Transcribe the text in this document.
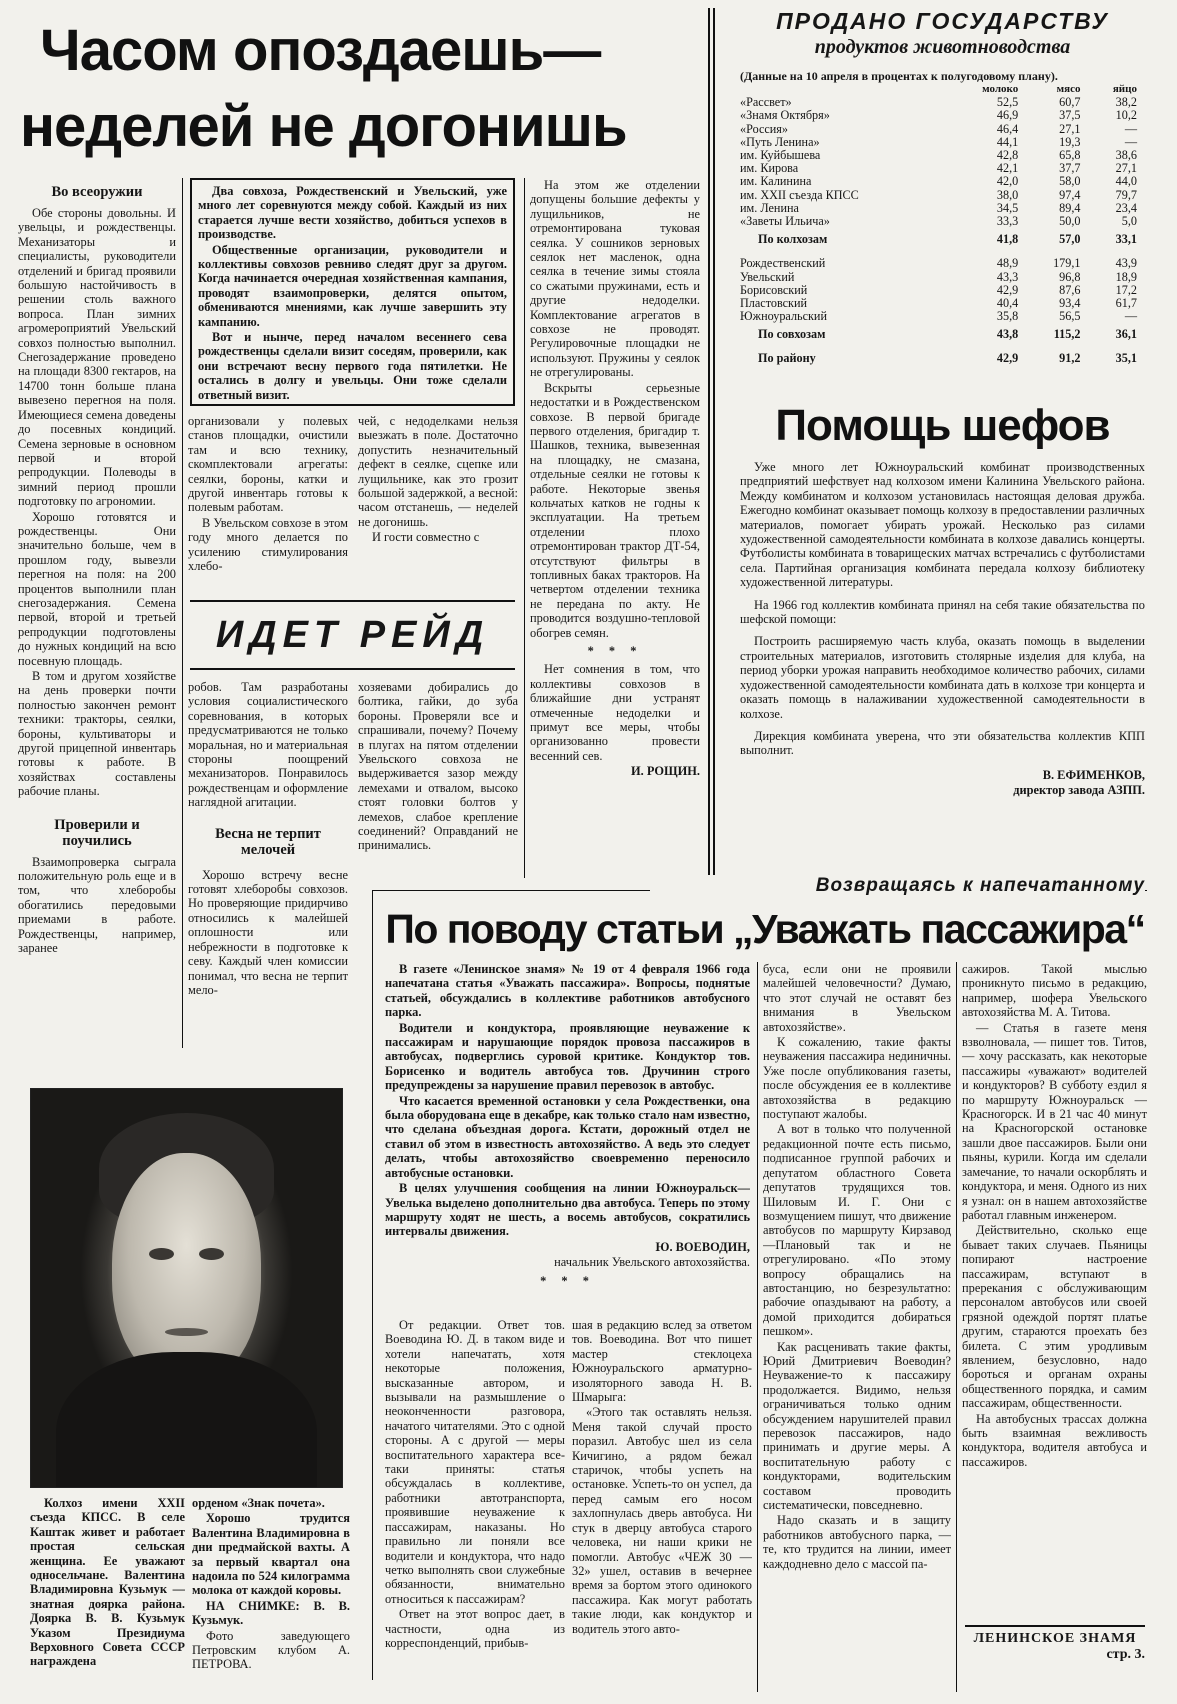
Часом опоздаешь—
неделей не догонишь
Во всеоружии

Обе стороны довольны. И увельцы, и рождественцы. Механизаторы и специалисты, руководители отделений и бригад проявили большую настойчивость в решении столь важного вопроса. План зимних агромероприятий Увельский совхоз полностью выполнил. Снегозадержание проведено на площади 8300 гектаров, на 14700 тонн больше плана вывезено перегноя на поля. Имеющиеся семена доведены до посевных кондиций. Семена зерновые в основном первой и второй репродукции. Полеводы в зимний период прошли подготовку по агрономии.

Хорошо готовятся и рождественцы. Они значительно больше, чем в прошлом году, вывезли перегноя на поля: на 200 процентов выполнили план снегозадержания. Семена первой, второй и третьей репродукции подготовлены до нужных кондиций на всю посевную площадь.

В том и другом хозяйстве на день проверки почти полностью закончен ремонт техники: тракторы, сеялки, бороны, культиваторы и другой прицепной инвентарь готовы к работе. В хозяйствах составлены рабочие планы.

Проверили и поучились

Взаимопроверка сыграла положительную роль еще и в том, что хлеборобы обогатились передовыми приемами в работе. Рождественцы, например, заранее

Два совхоза, Рождественский и Увельский, уже много лет соревнуются между собой. Каждый из них старается лучше вести хозяйство, добиться успехов в производстве.

Общественные организации, руководители и коллективы совхозов ревниво следят друг за другом. Когда начинается очередная хозяйственная кампания, проводят взаимопроверки, делятся опытом, обмениваются мнениями, как лучше завершить эту кампанию.

Вот и нынче, перед началом весеннего сева рождественцы сделали визит соседям, проверили, как они встречают весну первого года пятилетки. Не остались в долгу и увельцы. Они тоже сделали ответный визит.

организовали у полевых станов площадки, очистили там и всю технику, скомплектовали агрегаты: сеялки, бороны, катки и другой инвентарь готовы к полевым работам.

В Увельском совхозе в этом году много делается по усилению стимулирования хлебо-

чей, с недоделками нельзя выезжать в поле. Достаточно допустить незначительный дефект в сеялке, сцепке или лущильнике, как это грозит большой задержкой, а весной: часом отстанешь, — неделей не догонишь.

И гости совместно с

ИДЕТ РЕЙД

робов. Там разработаны условия социалистического соревнования, в которых предусматриваются не только моральная, но и материальная стороны поощрений механизаторов. Понравилось рождественцам и оформление наглядной агитации.

Весна не терпит мелочей

Хорошо встречу весне готовят хлеборобы совхозов. Но проверяющие придирчиво относились к малейшей оплошности или небрежности в подготовке к севу. Каждый член комиссии понимал, что весна не терпит мело-

хозяевами добирались до болтика, гайки, до зуба бороны. Проверяли все и спрашивали, почему? Почему в плугах на пятом отделении Увельского совхоза не выдерживается зазор между лемехами и отвалом, высоко стоят головки болтов у лемехов, слабое крепление соединений? Оправданий не принимались.

На этом же отделении допущены большие дефекты у лущильников, не отремонтирована туковая сеялка. У сошников зерновых сеялок нет масленок, одна сеялка в течение зимы стояла со сжатыми пружинами, есть и другие недоделки. Комплектование агрегатов в совхозе не проводят. Регулировочные площадки не используют. Пружины у сеялок не отрегулированы.

Вскрыты серьезные недостатки и в Рождественском совхозе. В первой бригаде первого отделения, бригадир т. Шашков, техника, вывезенная на площадку, не смазана, отдельные сеялки не готовы к работе. Некоторые звенья кольчатых катков не годны к эксплуатации. На третьем отделении плохо отремонтирован трактор ДТ-54, отсутствуют фильтры в топливных баках тракторов. На четвертом отделении техника не передана по акту. Не проводится воздушно-тепловой обогрев семян.

* * *

Нет сомнения в том, что коллективы совхозов в ближайшие дни устранят отмеченные недоделки и примут все меры, чтобы организованно провести весенний сев.

И. РОЩИН.

ПРОДАНО ГОСУДАРСТВУ
продуктов животноводства
(Данные на 10 апреля в процентах к полугодовому плану).
	молоко	мясо	яйцо
«Рассвет»	52,5	60,7	38,2
«Знамя Октября»	46,9	37,5	10,2
«Россия»	46,4	27,1	—
«Путь Ленина»	44,1	19,3	—
им. Куйбышева	42,8	65,8	38,6
им. Кирова	42,1	37,7	27,1
им. Калинина	42,0	58,0	44,0
им. XXII съезда КПСС	38,0	97,4	79,7
им. Ленина	34,5	89,4	23,4
«Заветы Ильича»	33,3	50,0	5,0
По колхозам	41,8	57,0	33,1
Рождественский	48,9	179,1	43,9
Увельский	43,3	96,8	18,9
Борисовский	42,9	87,6	17,2
Пластовский	40,4	93,4	61,7
Южноуральский	35,8	56,5	—
По совхозам	43,8	115,2	36,1
По району	42,9	91,2	35,1
Помощь шефов

Уже много лет Южноуральский комбинат производственных предприятий шефствует над колхозом имени Калинина Увельского района. Между комбинатом и колхозом установилась настоящая деловая дружба. Ежегодно комбинат оказывает помощь колхозу в предоставлении различных материалов, помогает убирать урожай. Несколько раз силами художественной самодеятельности комбината в колхозе давались концерты. Футболисты комбината в товарищеских матчах встречались с футболистами села. Партийная организация комбината передала колхозу библиотеку художественной литературы.

На 1966 год коллектив комбината принял на себя такие обязательства по шефской помощи:

Построить расширяемую часть клуба, оказать помощь в выделении строительных материалов, изготовить столярные изделия для клуба, на период уборки урожая направить необходимое количество рабочих, силами художественной самодеятельности комбината дать в колхозе три концерта и оказать помощь в налаживании художественной самодеятельности в колхозе.

Дирекция комбината уверена, что эти обязательства коллектив КПП выполнит.

В. ЕФИМЕНКОВ,

директор завода АЗПП.

Возвращаясь к напечатанному
По поводу статьи „Уважать пассажира“

В газете «Ленинское знамя» № 19 от 4 февраля 1966 года напечатана статья «Уважать пассажира». Вопросы, поднятые статьей, обсуждались в коллективе работников автобусного парка.

Водители и кондуктора, проявляющие неуважение к пассажирам и нарушающие порядок провоза пассажиров в автобусах, подверглись суровой критике. Кондуктор тов. Борисенко и водитель автобуса тов. Дручинин строго предупреждены за нарушение правил перевозок в автобус.

Что касается временной остановки у села Рождественки, она была оборудована еще в декабре, как только стало нам известно, что сделана объездная дорога. Кстати, дорожный отдел не ставил об этом в известность автохозяйство. А ведь это следует делать, чтобы автохозяйство своевременно переносило автобусные остановки.

В целях улучшения сообщения на линии Южноуральск—Увелька выделено дополнительно два автобуса. Теперь по этому маршруту ходят не шесть, а восемь автобусов, сократились интервалы движения.

Ю. ВОЕВОДИН,

начальник Увельского автохозяйства.

* * *

От редакции. Ответ тов. Воеводина Ю. Д. в таком виде и хотели напечатать, хотя некоторые положения, высказанные автором, и вызывали на размышление о неоконченности разговора, начатого читателями. Это с одной стороны. А с другой — меры воспитательного характера все-таки приняты: статья обсуждалась в коллективе, работники автотранспорта, проявившие неуважение к пассажирам, наказаны. Но правильно ли поняли все водители и кондуктора, что надо четко выполнять свои служебные обязанности, внимательно относиться к пассажирам?

Ответ на этот вопрос дает, в частности, одна из корреспонденций, прибыв-

шая в редакцию вслед за ответом тов. Воеводина. Вот что пишет мастер стеклоцеха Южноуральского арматурно-изоляторного завода Н. В. Шмарыга:

«Этого так оставлять нельзя. Меня такой случай просто поразил. Автобус шел из села Кичигино, а рядом бежал старичок, чтобы успеть на остановке. Успеть-то он успел, да перед самым его носом захлопнулась дверь автобуса. Ни стук в дверцу автобуса старого человека, ни наши крики не помогли. Автобус «ЧЕЖ 30 — 32» ушел, оставив в вечернее время за бортом этого одинокого пассажира. Как могут работать такие люди, как кондуктор и водитель этого авто-

буса, если они не проявили малейшей человечности? Думаю, что этот случай не оставят без внимания в Увельском автохозяйстве».

К сожалению, такие факты неуважения пассажира нединичны. Уже после опубликования газеты, после обсуждения ее в коллективе автохозяйства в редакцию поступают жалобы.

А вот в только что полученной редакционной почте есть письмо, подписанное группой рабочих и депутатом областного Совета депутатов трудящихся тов. Шиловым И. Г. Они с возмущением пишут, что движение автобусов по маршруту Кирзавод—Плановый так и не отрегулировано. «По этому вопросу обращались на автостанцию, но безрезультатно: рабочие опаздывают на работу, а домой приходится добираться пешком».

Как расценивать такие факты, Юрий Дмитриевич Воеводин? Неуважение-то к пассажиру продолжается. Видимо, нельзя ограничиваться только одним обсуждением нарушителей правил перевозок пассажиров, надо принимать и другие меры. А воспитательную работу с кондукторами, водительским составом проводить систематически, повседневно.

Надо сказать и в защиту работников автобусного парка, — те, кто трудится на линии, имеет каждодневно дело с массой па-

сажиров. Такой мыслью проникнуто письмо в редакцию, например, шофера Увельского автохозяйства М. А. Титова.

— Статья в газете меня взволновала, — пишет тов. Титов, — хочу рассказать, как некоторые пассажиры «уважают» водителей и кондукторов? В субботу ездил я по маршруту Южноуральск — Красногорск. И в 21 час 40 минут на Красногорской остановке зашли двое пассажиров. Были они пьяны, курили. Когда им сделали замечание, то начали оскорблять и кондуктора, и меня. Одного из них я узнал: он в нашем автохозяйстве работал главным инженером.

Действительно, сколько еще бывает таких случаев. Пьяницы попирают настроение пассажирам, вступают в пререкания с обслуживающим персоналом автобусов или своей грязной одеждой портят платье другим, стараются проехать без билета. С этим уродливым явлением, безусловно, надо бороться и органам охраны общественного порядка, и самим пассажирам, общественности.

На автобусных трассах должна быть взаимная вежливость кондуктора, водителя автобуса и пассажиров.

ЛЕНИНСКОЕ ЗНАМЯ
стр. 3.

Колхоз имени XXII съезда КПСС. В селе Каштак живет и работает простая сельская женщина. Ее уважают односельчане. Валентина Владимировна Кузьмук — знатная доярка района. Доярка В. В. Кузьмук Указом Президиума Верховного Совета СССР награждена

орденом «Знак почета».

Хорошо трудится Валентина Владимировна в дни предмайской вахты. А за первый квартал она надоила по 524 килограмма молока от каждой коровы.

НА СНИМКЕ: В. В. Кузьмук.

Фото заведующего Петровским клубом А. ПЕТРОВА.
